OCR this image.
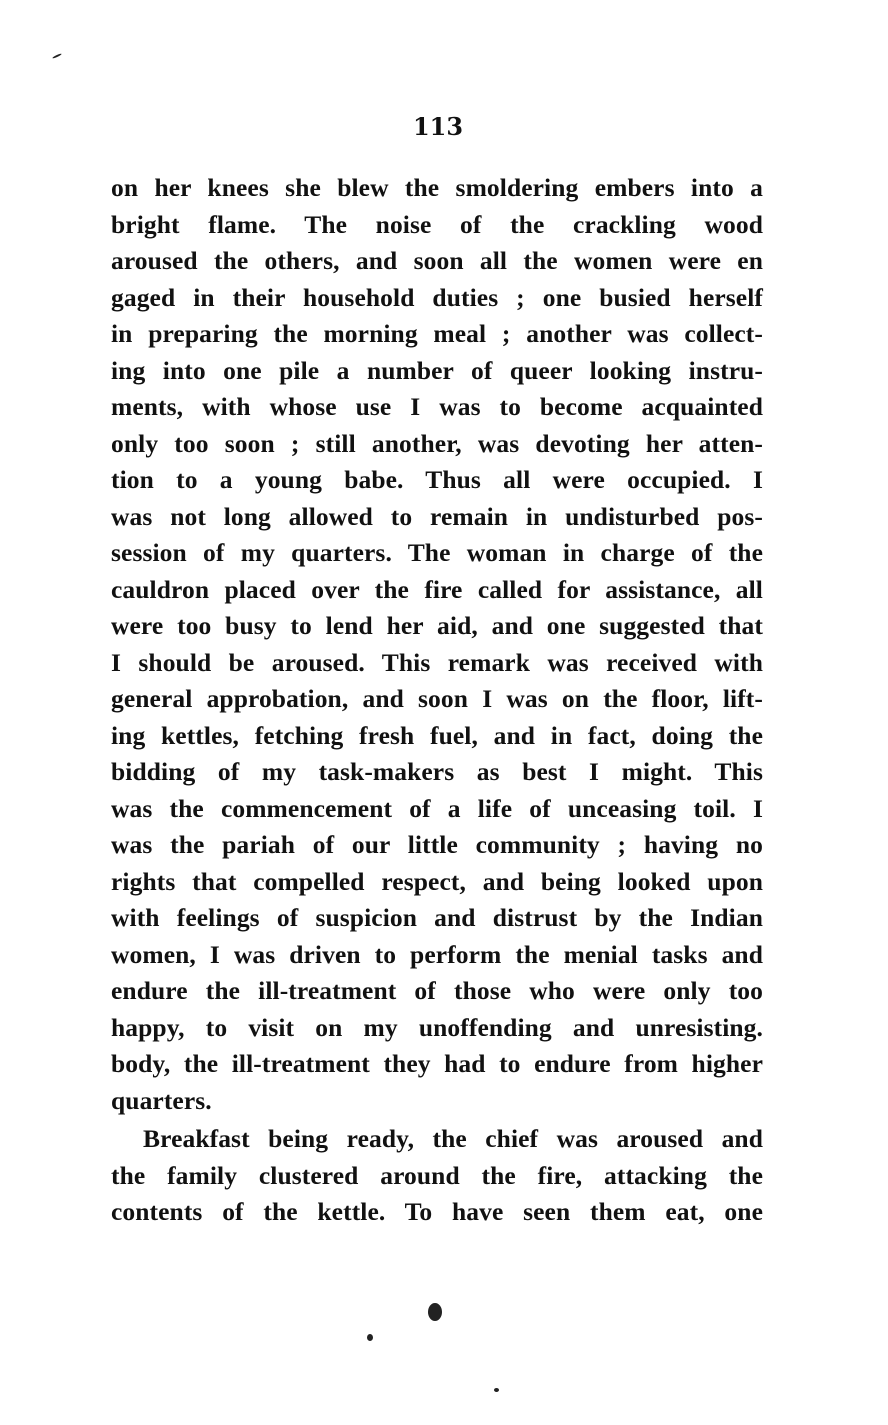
113
on her knees she blew the smoldering embers into a
bright flame. The noise of the crackling wood
aroused the others, and soon all the women were en
gaged in their household duties ; one busied herself
in preparing the morning meal ; another was collect-
ing into one pile a number of queer looking instru-
ments, with whose use I was to become acquainted
only too soon ; still another, was devoting her atten-
tion to a young babe. Thus all were occupied. I
was not long allowed to remain in undisturbed pos-
session of my quarters. The woman in charge of the
cauldron placed over the fire called for assistance, all
were too busy to lend her aid, and one suggested that
I should be aroused. This remark was received with
general approbation, and soon I was on the floor, lift-
ing kettles, fetching fresh fuel, and in fact, doing the
bidding of my task-makers as best I might. This
was the commencement of a life of unceasing toil. I
was the pariah of our little community ; having no
rights that compelled respect, and being looked upon
with feelings of suspicion and distrust by the Indian
women, I was driven to perform the menial tasks and
endure the ill-treatment of those who were only too
happy, to visit on my unoffending and unresisting.
body, the ill-treatment they had to endure from higher
quarters.
Breakfast being ready, the chief was aroused and
the family clustered around the fire, attacking the
contents of the kettle. To have seen them eat, one
